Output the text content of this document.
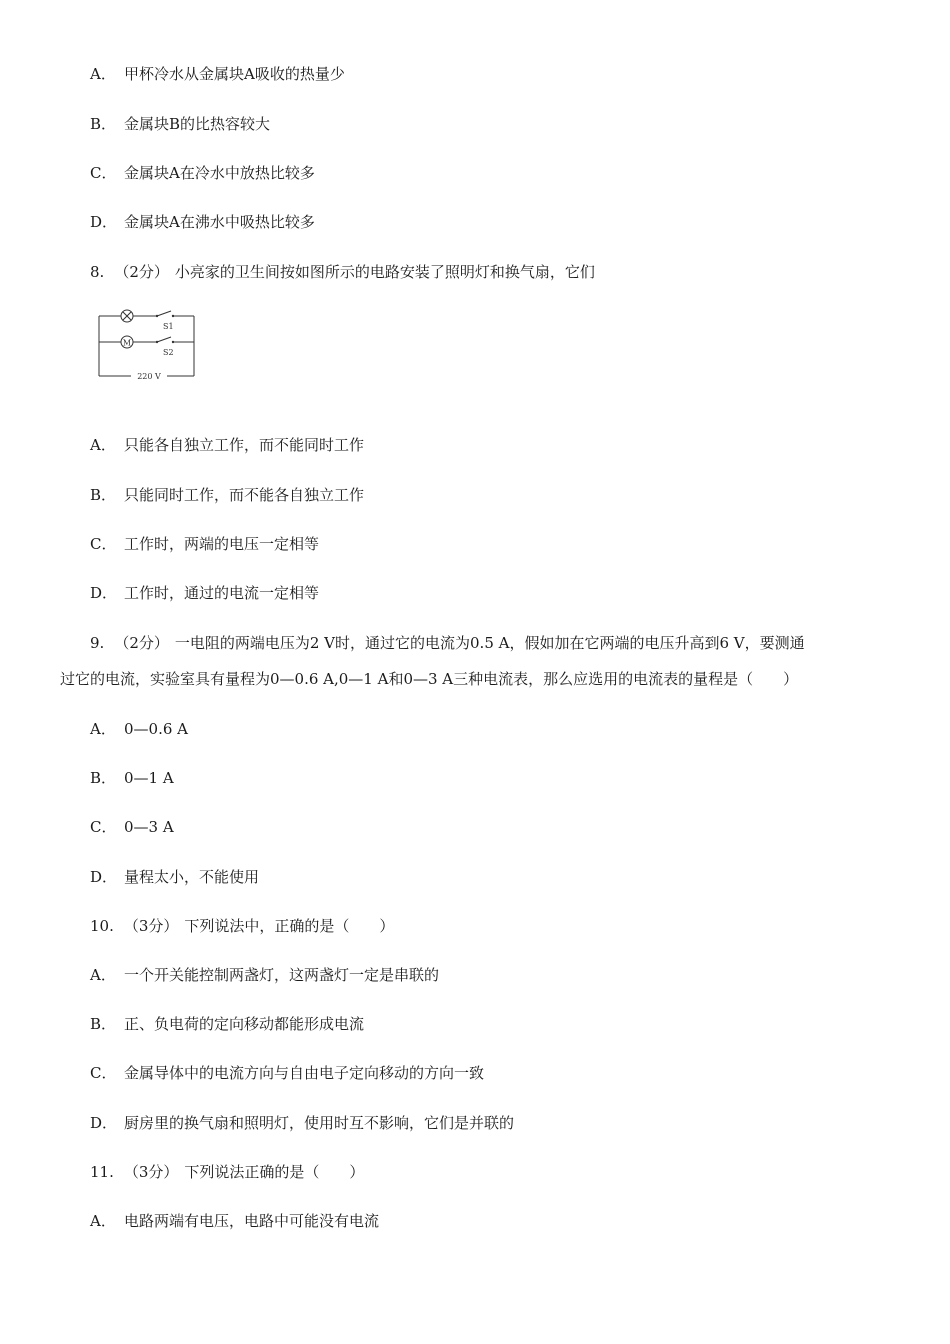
A． 甲杯冷水从金属块A吸收的热量少
B． 金属块B的比热容较大
C． 金属块A在冷水中放热比较多
D． 金属块A在沸水中吸热比较多
8. （2分） 小亮家的卫生间按如图所示的电路安装了照明灯和换气扇，它们
M
S1
S2
220 V
A． 只能各自独立工作，而不能同时工作
B． 只能同时工作，而不能各自独立工作
C． 工作时，两端的电压一定相等
D． 工作时，通过的电流一定相等
9. （2分） 一电阻的两端电压为2 V时，通过它的电流为0.5 A，假如加在它两端的电压升高到6 V，要测通
过它的电流，实验室具有量程为0—0.6 A,0—1 A和0—3 A三种电流表，那么应选用的电流表的量程是（　　）
A． 0—0.6 A
B． 0—1 A
C． 0—3 A
D． 量程太小，不能使用
10. （3分） 下列说法中，正确的是（　　）
A． 一个开关能控制两盏灯，这两盏灯一定是串联的
B． 正、负电荷的定向移动都能形成电流
C． 金属导体中的电流方向与自由电子定向移动的方向一致
D． 厨房里的换气扇和照明灯，使用时互不影响，它们是并联的
11. （3分） 下列说法正确的是（　　）
A． 电路两端有电压，电路中可能没有电流
